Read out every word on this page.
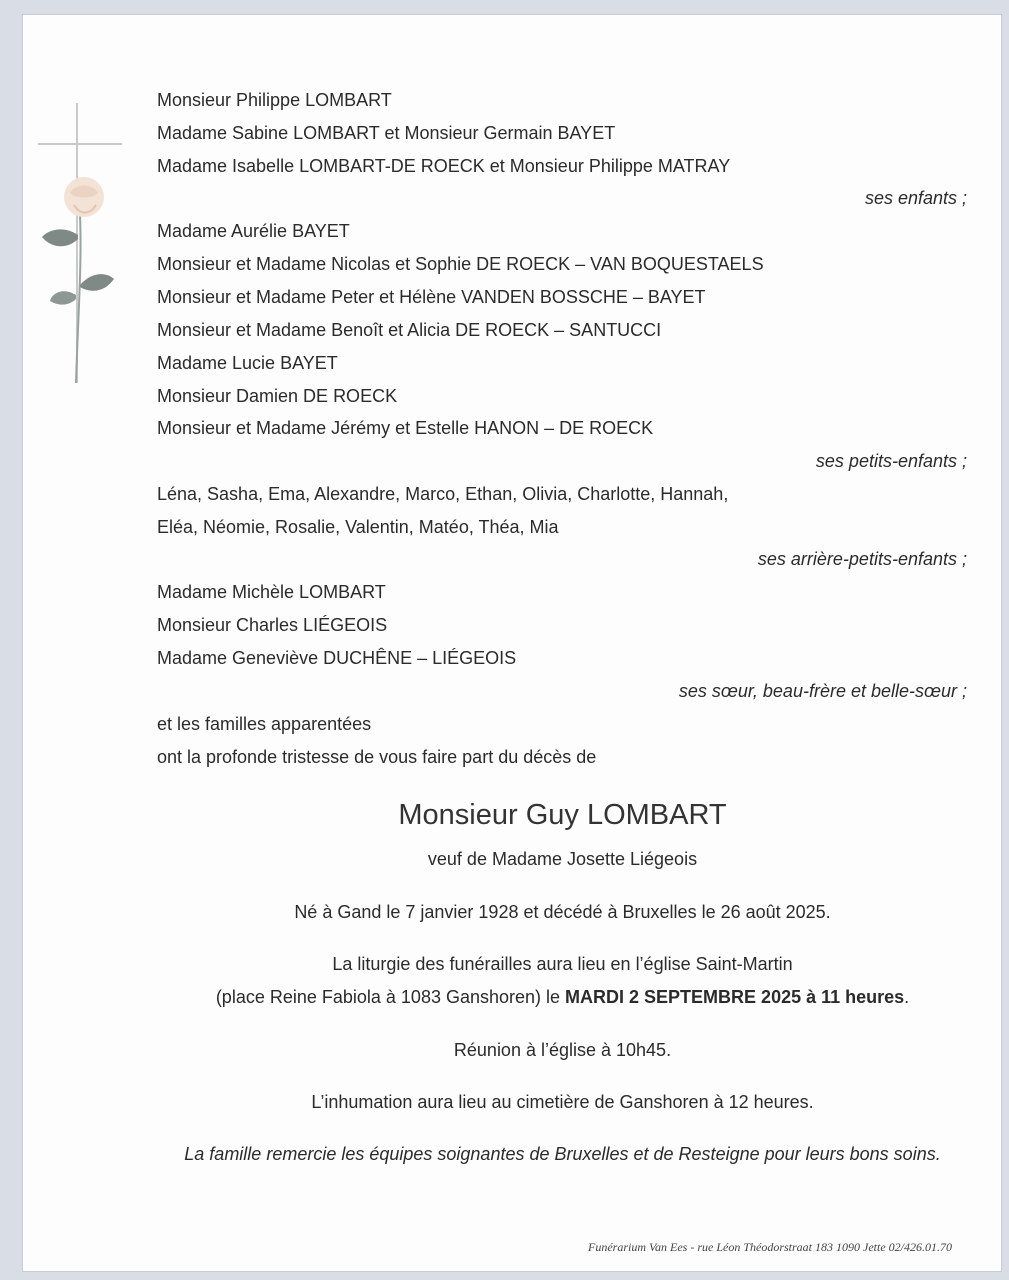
Monsieur Philippe LOMBART
Madame Sabine LOMBART et Monsieur Germain BAYET
Madame Isabelle LOMBART-DE ROECK et Monsieur Philippe MATRAY
ses enfants ;
Madame Aurélie BAYET
Monsieur et Madame Nicolas et Sophie DE ROECK – VAN BOQUESTAELS
Monsieur et Madame Peter et Hélène VANDEN BOSSCHE – BAYET
Monsieur et Madame Benoît et Alicia DE ROECK – SANTUCCI
Madame Lucie BAYET
Monsieur Damien DE ROECK
Monsieur et Madame Jérémy et Estelle HANON – DE ROECK
ses petits-enfants ;
Léna, Sasha, Ema, Alexandre, Marco, Ethan, Olivia, Charlotte, Hannah,
Eléa, Néomie, Rosalie, Valentin, Matéo, Théa, Mia
ses arrière-petits-enfants ;
Madame Michèle LOMBART
Monsieur Charles LIÉGEOIS
Madame Geneviève DUCHÊNE – LIÉGEOIS
ses sœur, beau-frère et belle-sœur ;
et les familles apparentées
ont la profonde tristesse de vous faire part du décès de
Monsieur Guy LOMBART
veuf de Madame Josette Liégeois
Né à Gand le 7 janvier 1928 et décédé à Bruxelles le 26 août 2025.
La liturgie des funérailles aura lieu en l’église Saint-Martin
(place Reine Fabiola à 1083 Ganshoren) le MARDI 2 SEPTEMBRE 2025 à 11 heures.
Réunion à l’église à 10h45.
L’inhumation aura lieu au cimetière de Ganshoren à 12 heures.
La famille remercie les équipes soignantes de Bruxelles et de Resteigne pour leurs bons soins.
Funérarium Van Ees - rue Léon Théodorstraat 183 1090 Jette 02/426.01.70
